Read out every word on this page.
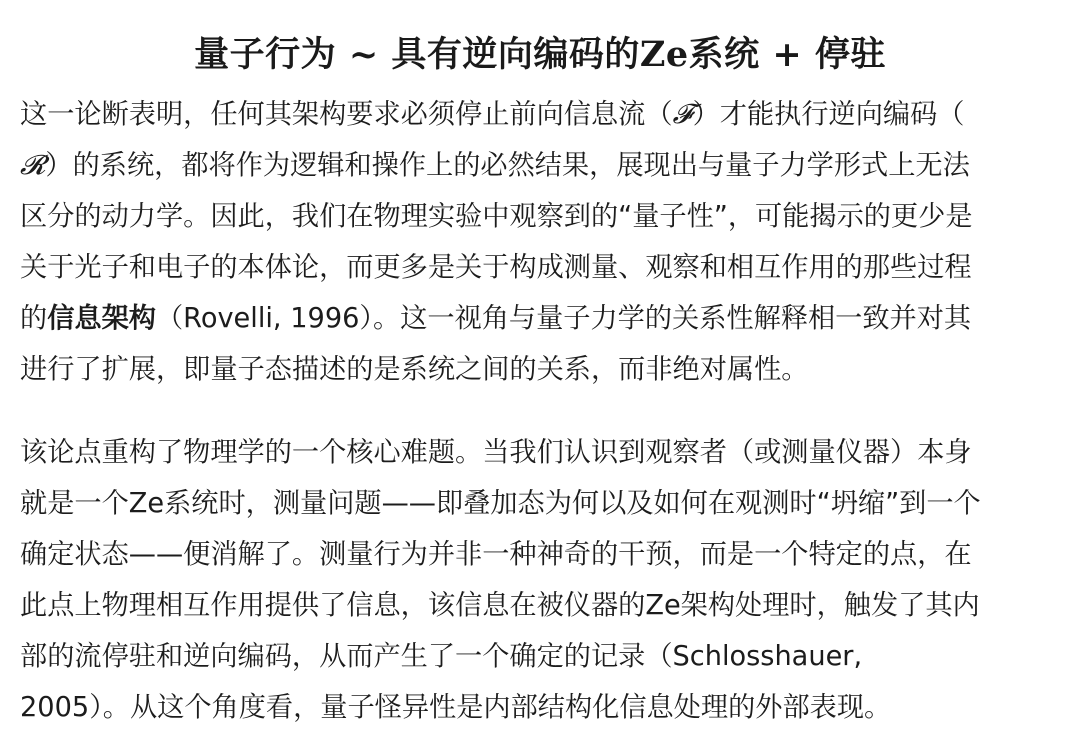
量子行为 ~ 具有逆向编码的Ze系统 + 停驻

这一论断表明，任何其架构要求必须停止前向信息流（𝓕）才能执行逆向编码（
𝓡）的系统，都将作为逻辑和操作上的必然结果，展现出与量子力学形式上无法
区分的动力学。因此，我们在物理实验中观察到的“量子性”，可能揭示的更少是
关于光子和电子的本体论，而更多是关于构成测量、观察和相互作用的那些过程
的信息架构（Rovelli, 1996）。这一视角与量子力学的关系性解释相一致并对其
进行了扩展，即量子态描述的是系统之间的关系，而非绝对属性。

该论点重构了物理学的一个核心难题。当我们认识到观察者（或测量仪器）本身
就是一个Ze系统时，测量问题——即叠加态为何以及如何在观测时“坍缩”到一个
确定状态——便消解了。测量行为并非一种神奇的干预，而是一个特定的点，在
此点上物理相互作用提供了信息，该信息在被仪器的Ze架构处理时，触发了其内
部的流停驻和逆向编码，从而产生了一个确定的记录（Schlosshauer,
2005）。从这个角度看，量子怪异性是内部结构化信息处理的外部表现。
